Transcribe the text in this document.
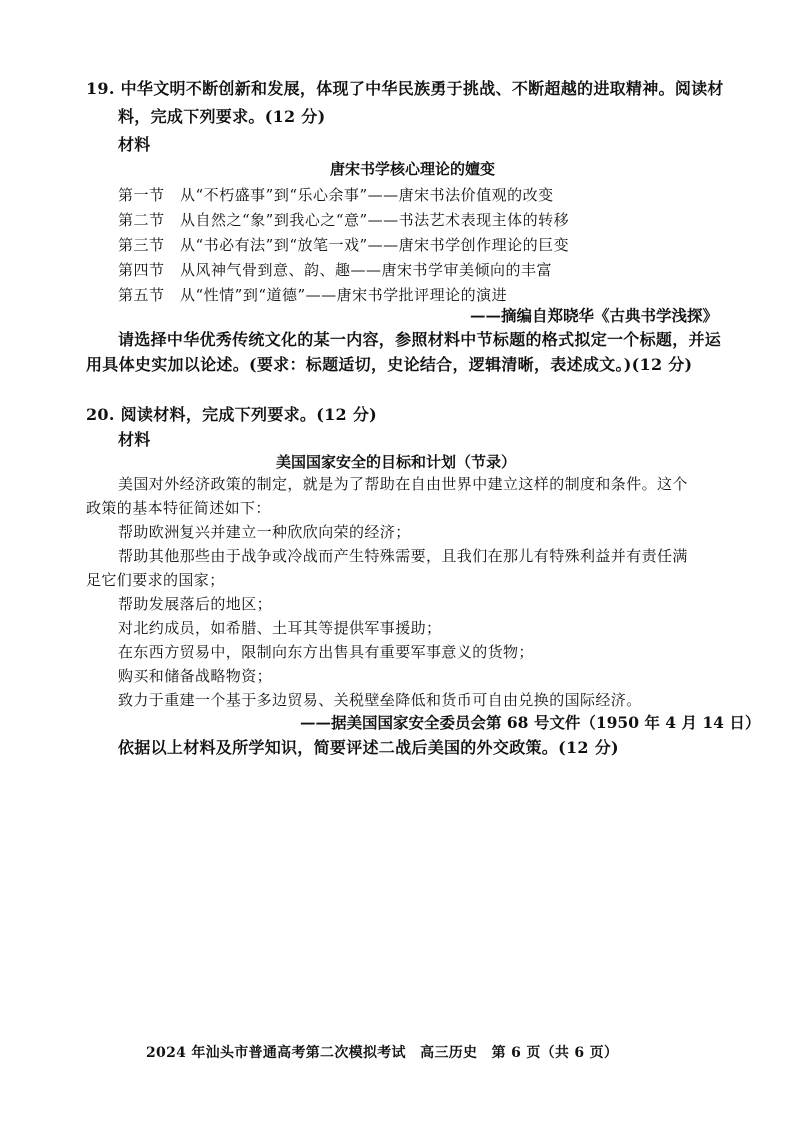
19. 中华文明不断创新和发展，体现了中华民族勇于挑战、不断超越的进取精神。阅读材
料，完成下列要求。(12 分)
材料
唐宋书学核心理论的嬗变
第一节 从“不朽盛事”到“乐心余事”——唐宋书法价值观的改变
第二节 从自然之“象”到我心之“意”——书法艺术表现主体的转移
第三节 从“书必有法”到“放笔一戏”——唐宋书学创作理论的巨变
第四节 从风神气骨到意、韵、趣——唐宋书学审美倾向的丰富
第五节 从“性情”到“道德”——唐宋书学批评理论的演进
——摘编自郑晓华《古典书学浅探》
请选择中华优秀传统文化的某一内容，参照材料中节标题的格式拟定一个标题，并运
用具体史实加以论述。(要求：标题适切，史论结合，逻辑清晰，表述成文。)(12 分)
20. 阅读材料，完成下列要求。(12 分)
材料
美国国家安全的目标和计划（节录）
美国对外经济政策的制定，就是为了帮助在自由世界中建立这样的制度和条件。这个
政策的基本特征简述如下：
帮助欧洲复兴并建立一种欣欣向荣的经济；
帮助其他那些由于战争或冷战而产生特殊需要，且我们在那儿有特殊利益并有责任满
足它们要求的国家；
帮助发展落后的地区；
对北约成员，如希腊、土耳其等提供军事援助；
在东西方贸易中，限制向东方出售具有重要军事意义的货物；
购买和储备战略物资；
致力于重建一个基于多边贸易、关税壁垒降低和货币可自由兑换的国际经济。
——据美国国家安全委员会第 68 号文件（1950 年 4 月 14 日）
依据以上材料及所学知识，简要评述二战后美国的外交政策。(12 分)
2024 年汕头市普通高考第二次模拟考试　高三历史　第 6 页（共 6 页）
